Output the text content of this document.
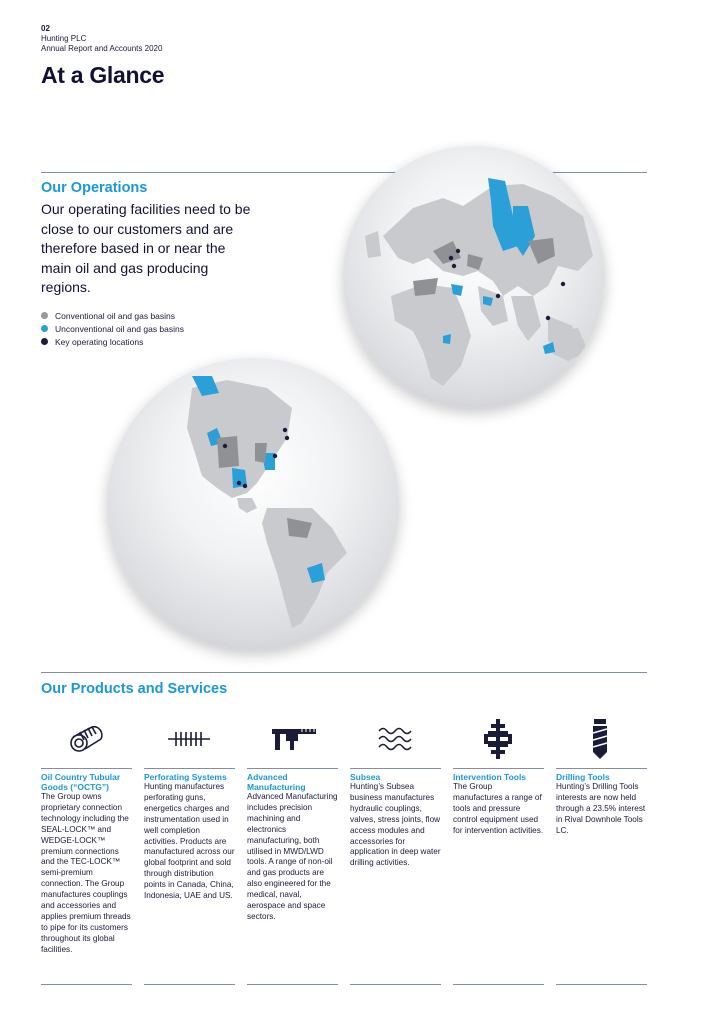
02
Hunting PLC
Annual Report and Accounts 2020
At a Glance
Our Operations

Our operating facilities need to be close to our customers and are therefore based in or near the main oil and gas producing regions.

Conventional oil and gas basins
Unconventional oil and gas basins
Key operating locations
Our Products and Services
Oil Country Tubular Goods (“OCTG”)
The Group owns proprietary connection technology including the SEAL-LOCK™ and WEDGE-LOCK™ premium connections and the TEC-LOCK™ semi-premium connection. The Group manufactures couplings and accessories and applies premium threads to pipe for its customers throughout its global facilities.
Perforating Systems
Hunting manufactures perforating guns, energetics charges and instrumentation used in well completion activities. Products are manufactured across our global footprint and sold through distribution points in Canada, China, Indonesia, UAE and US.
Advanced Manufacturing
Advanced Manufacturing includes precision machining and electronics manufacturing, both utilised in MWD/LWD tools. A range of non-oil and gas products are also engineered for the medical, naval, aerospace and space sectors.
Subsea
Hunting’s Subsea business manufactures hydraulic couplings, valves, stress joints, flow access modules and accessories for application in deep water drilling activities.
Intervention Tools
The Group manufactures a range of tools and pressure control equipment used for intervention activities.
Drilling Tools
Hunting’s Drilling Tools interests are now held through a 23.5% interest in Rival Downhole Tools LC.
